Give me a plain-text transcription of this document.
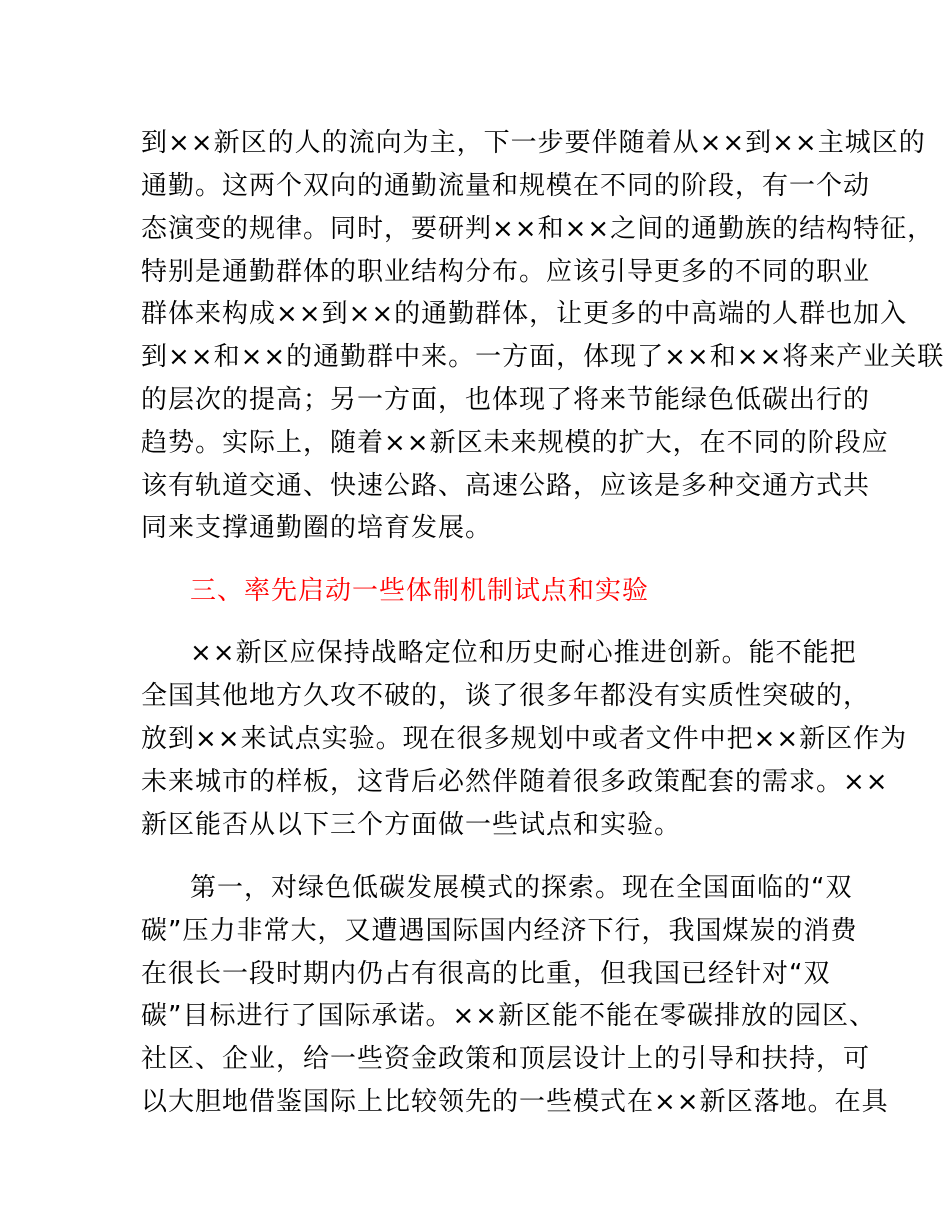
到××新区的人的流向为主，下一步要伴随着从××到××主城区的

通勤。这两个双向的通勤流量和规模在不同的阶段，有一个动

态演变的规律。同时，要研判××和××之间的通勤族的结构特征，

特别是通勤群体的职业结构分布。应该引导更多的不同的职业

群体来构成××到××的通勤群体，让更多的中高端的人群也加入

到××和××的通勤群中来。一方面，体现了××和××将来产业关联

的层次的提高；另一方面，也体现了将来节能绿色低碳出行的

趋势。实际上，随着××新区未来规模的扩大，在不同的阶段应

该有轨道交通、快速公路、高速公路，应该是多种交通方式共

同来支撑通勤圈的培育发展。

三、率先启动一些体制机制试点和实验

××新区应保持战略定位和历史耐心推进创新。能不能把

全国其他地方久攻不破的，谈了很多年都没有实质性突破的，

放到××来试点实验。现在很多规划中或者文件中把××新区作为

未来城市的样板，这背后必然伴随着很多政策配套的需求。××

新区能否从以下三个方面做一些试点和实验。

第一，对绿色低碳发展模式的探索。现在全国面临的“双

碳”压力非常大，又遭遇国际国内经济下行，我国煤炭的消费

在很长一段时期内仍占有很高的比重，但我国已经针对“双

碳”目标进行了国际承诺。××新区能不能在零碳排放的园区、

社区、企业，给一些资金政策和顶层设计上的引导和扶持，可

以大胆地借鉴国际上比较领先的一些模式在××新区落地。在具
